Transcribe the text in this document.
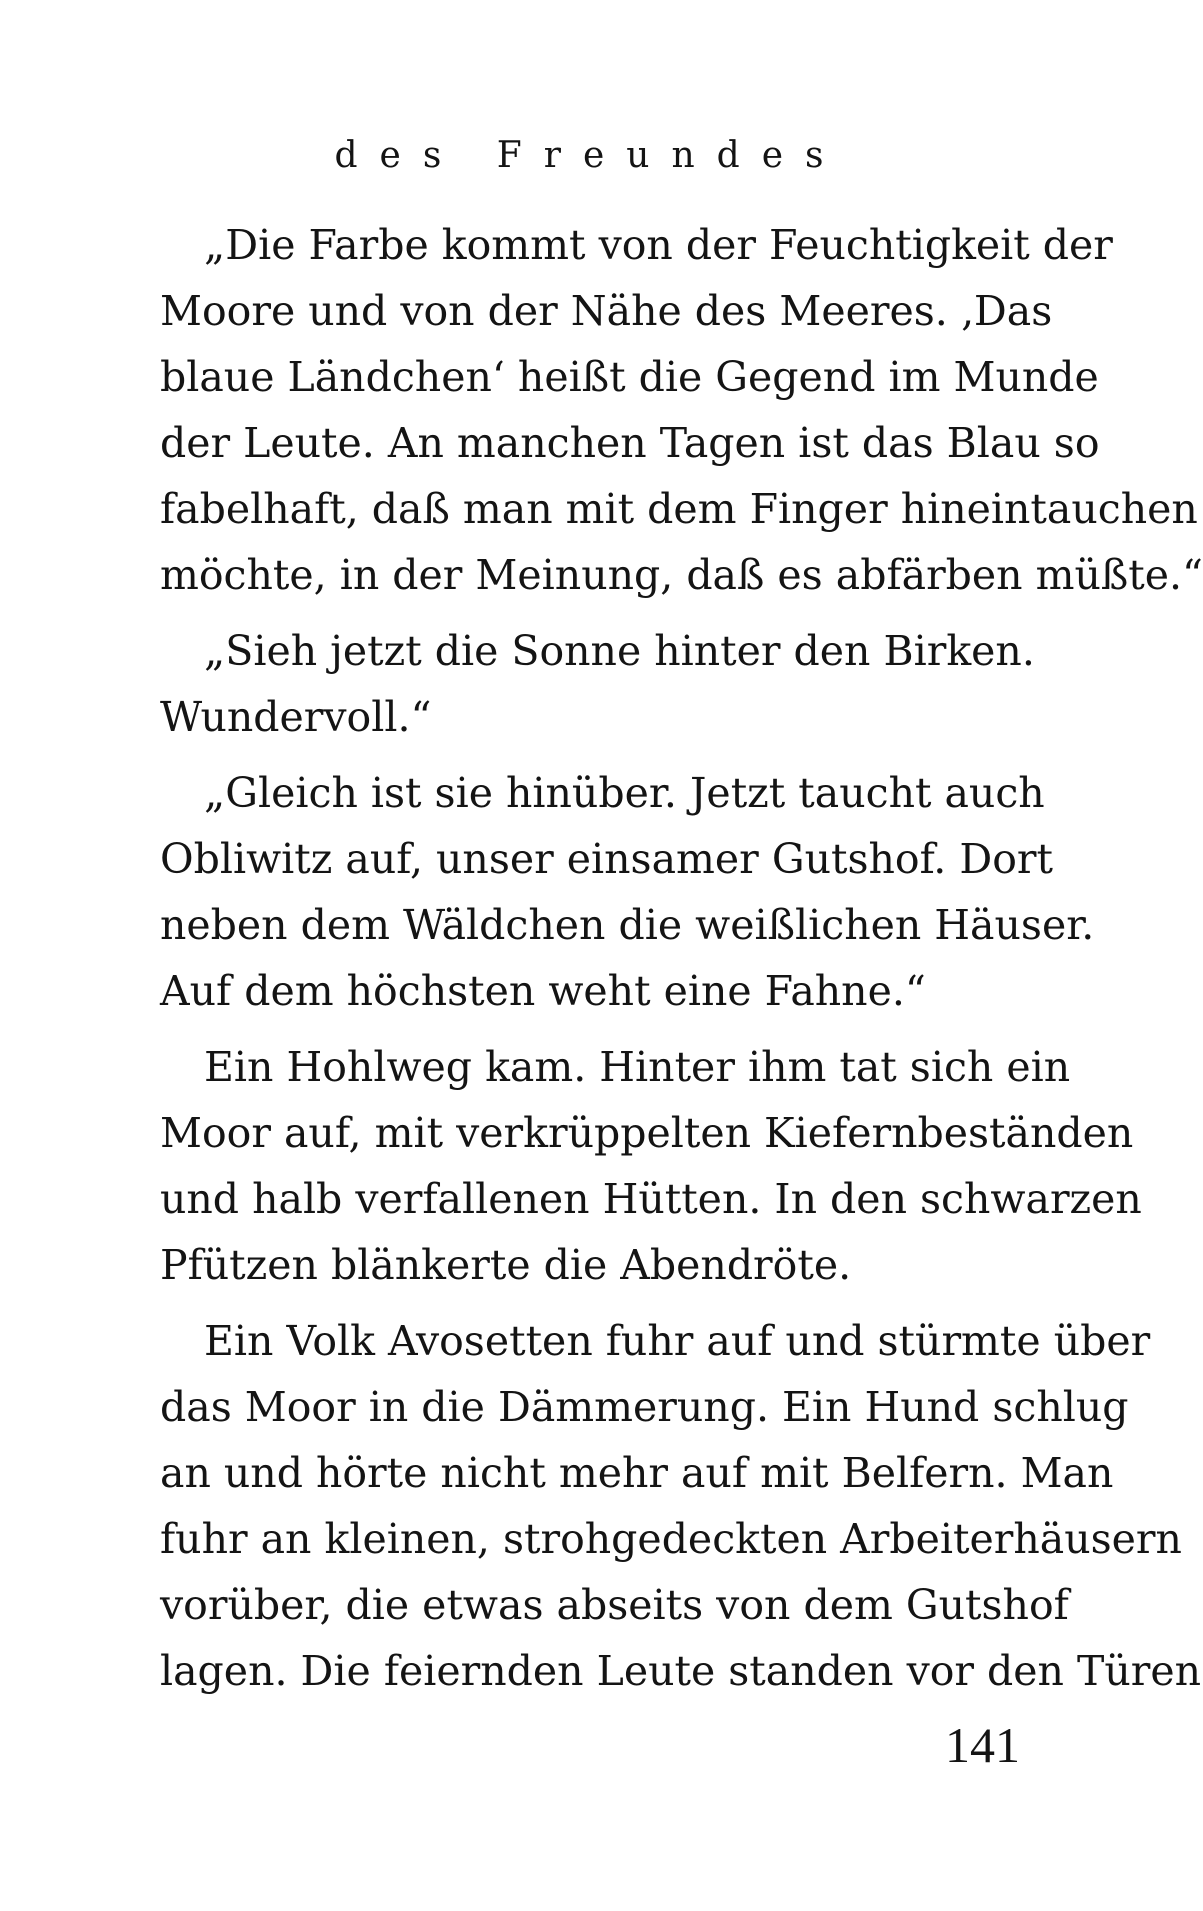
des Freundes
„Die Farbe kommt von der Feuchtigkeit der
Moore und von der Nähe des Meeres. ‚Das
blaue Ländchen‘ heißt die Gegend im Munde
der Leute. An manchen Tagen ist das Blau so
fabelhaft, daß man mit dem Finger hineintauchen
möchte, in der Meinung, daß es abfärben müßte.“
„Sieh jetzt die Sonne hinter den Birken.
Wundervoll.“
„Gleich ist sie hinüber. Jetzt taucht auch
Obliwitz auf, unser einsamer Gutshof. Dort
neben dem Wäldchen die weißlichen Häuser.
Auf dem höchsten weht eine Fahne.“
Ein Hohlweg kam. Hinter ihm tat sich ein
Moor auf, mit verkrüppelten Kiefernbeständen
und halb verfallenen Hütten. In den schwarzen
Pfützen blänkerte die Abendröte.
Ein Volk Avosetten fuhr auf und stürmte über
das Moor in die Dämmerung. Ein Hund schlug
an und hörte nicht mehr auf mit Belfern. Man
fuhr an kleinen, strohgedeckten Arbeiterhäusern
vorüber, die etwas abseits von dem Gutshof
lagen. Die feiernden Leute standen vor den Türen
141
